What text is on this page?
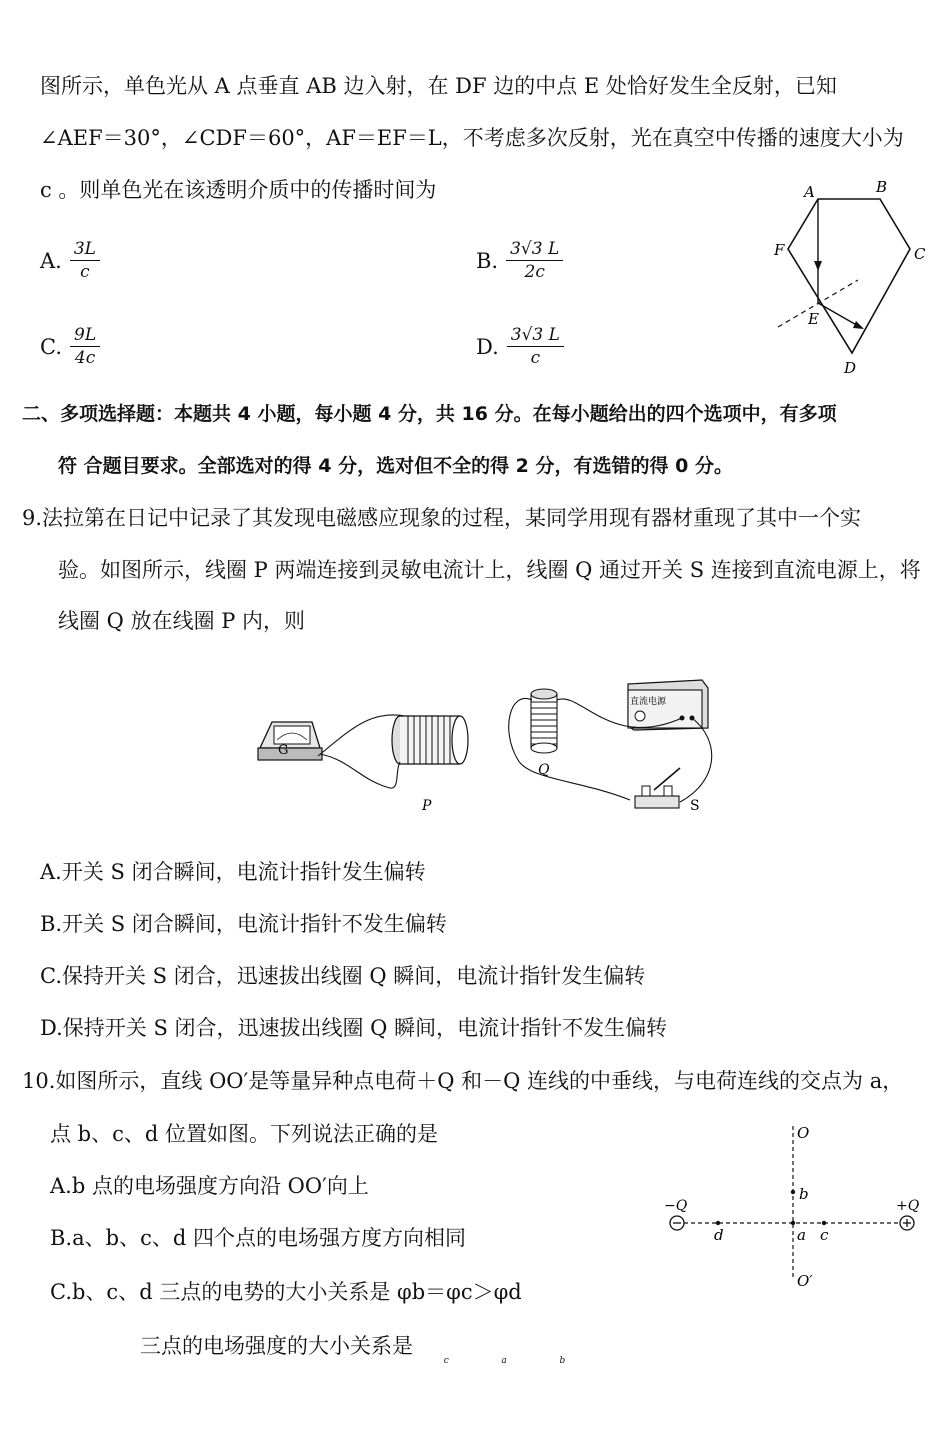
图所示，单色光从 A 点垂直 AB 边入射，在 DF 边的中点 E 处恰好发生全反射，已知
∠AEF＝30°，∠CDF＝60°，AF＝EF＝L，不考虑多次反射，光在真空中传播的速度大小为
c 。则单色光在该透明介质中的传播时间为
A. $\frac{3L}{c}$	B. $\frac{3√3 L}{2c}$
C. $\frac{9L}{4c}$	D. $\frac{3√3 L}{c}$
A	B
C
D
E
F
二、多项选择题：本题共 4 小题，每小题 4 分，共 16 分。在每小题给出的四个选项中，有多项
符 合题目要求。全部选对的得 4 分，选对但不全的得 2 分，有选错的得 0 分。
9.法拉第在日记中记录了其发现电磁感应现象的过程，某同学用现有器材重现了其中一个实
验。如图所示，线圈 P 两端连接到灵敏电流计上，线圈 Q 通过开关 S 连接到直流电源上，将
线圈 Q 放在线圈 P 内，则
G
P
Q
直流电源
S
A.开关 S 闭合瞬间，电流计指针发生偏转
B.开关 S 闭合瞬间，电流计指针不发生偏转
C.保持开关 S 闭合，迅速拔出线圈 Q 瞬间，电流计指针发生偏转
D.保持开关 S 闭合，迅速拔出线圈 Q 瞬间，电流计指针不发生偏转
10.如图所示，直线 OO′是等量异种点电荷＋Q 和－Q 连线的中垂线，与电荷连线的交点为 a，
点 b、c、d 位置如图。下列说法正确的是
A.b 点的电场强度方向沿 OO′向上
B.a、b、c、d 四个点的电场强方度方向相同
C.b、c、d 三点的电势的大小关系是 φb＝φc＞φd
三点的电场强度的大小关系是 $_c$	$_a$	$_b$
O
O′
−Q	+Q
b
a c
d
